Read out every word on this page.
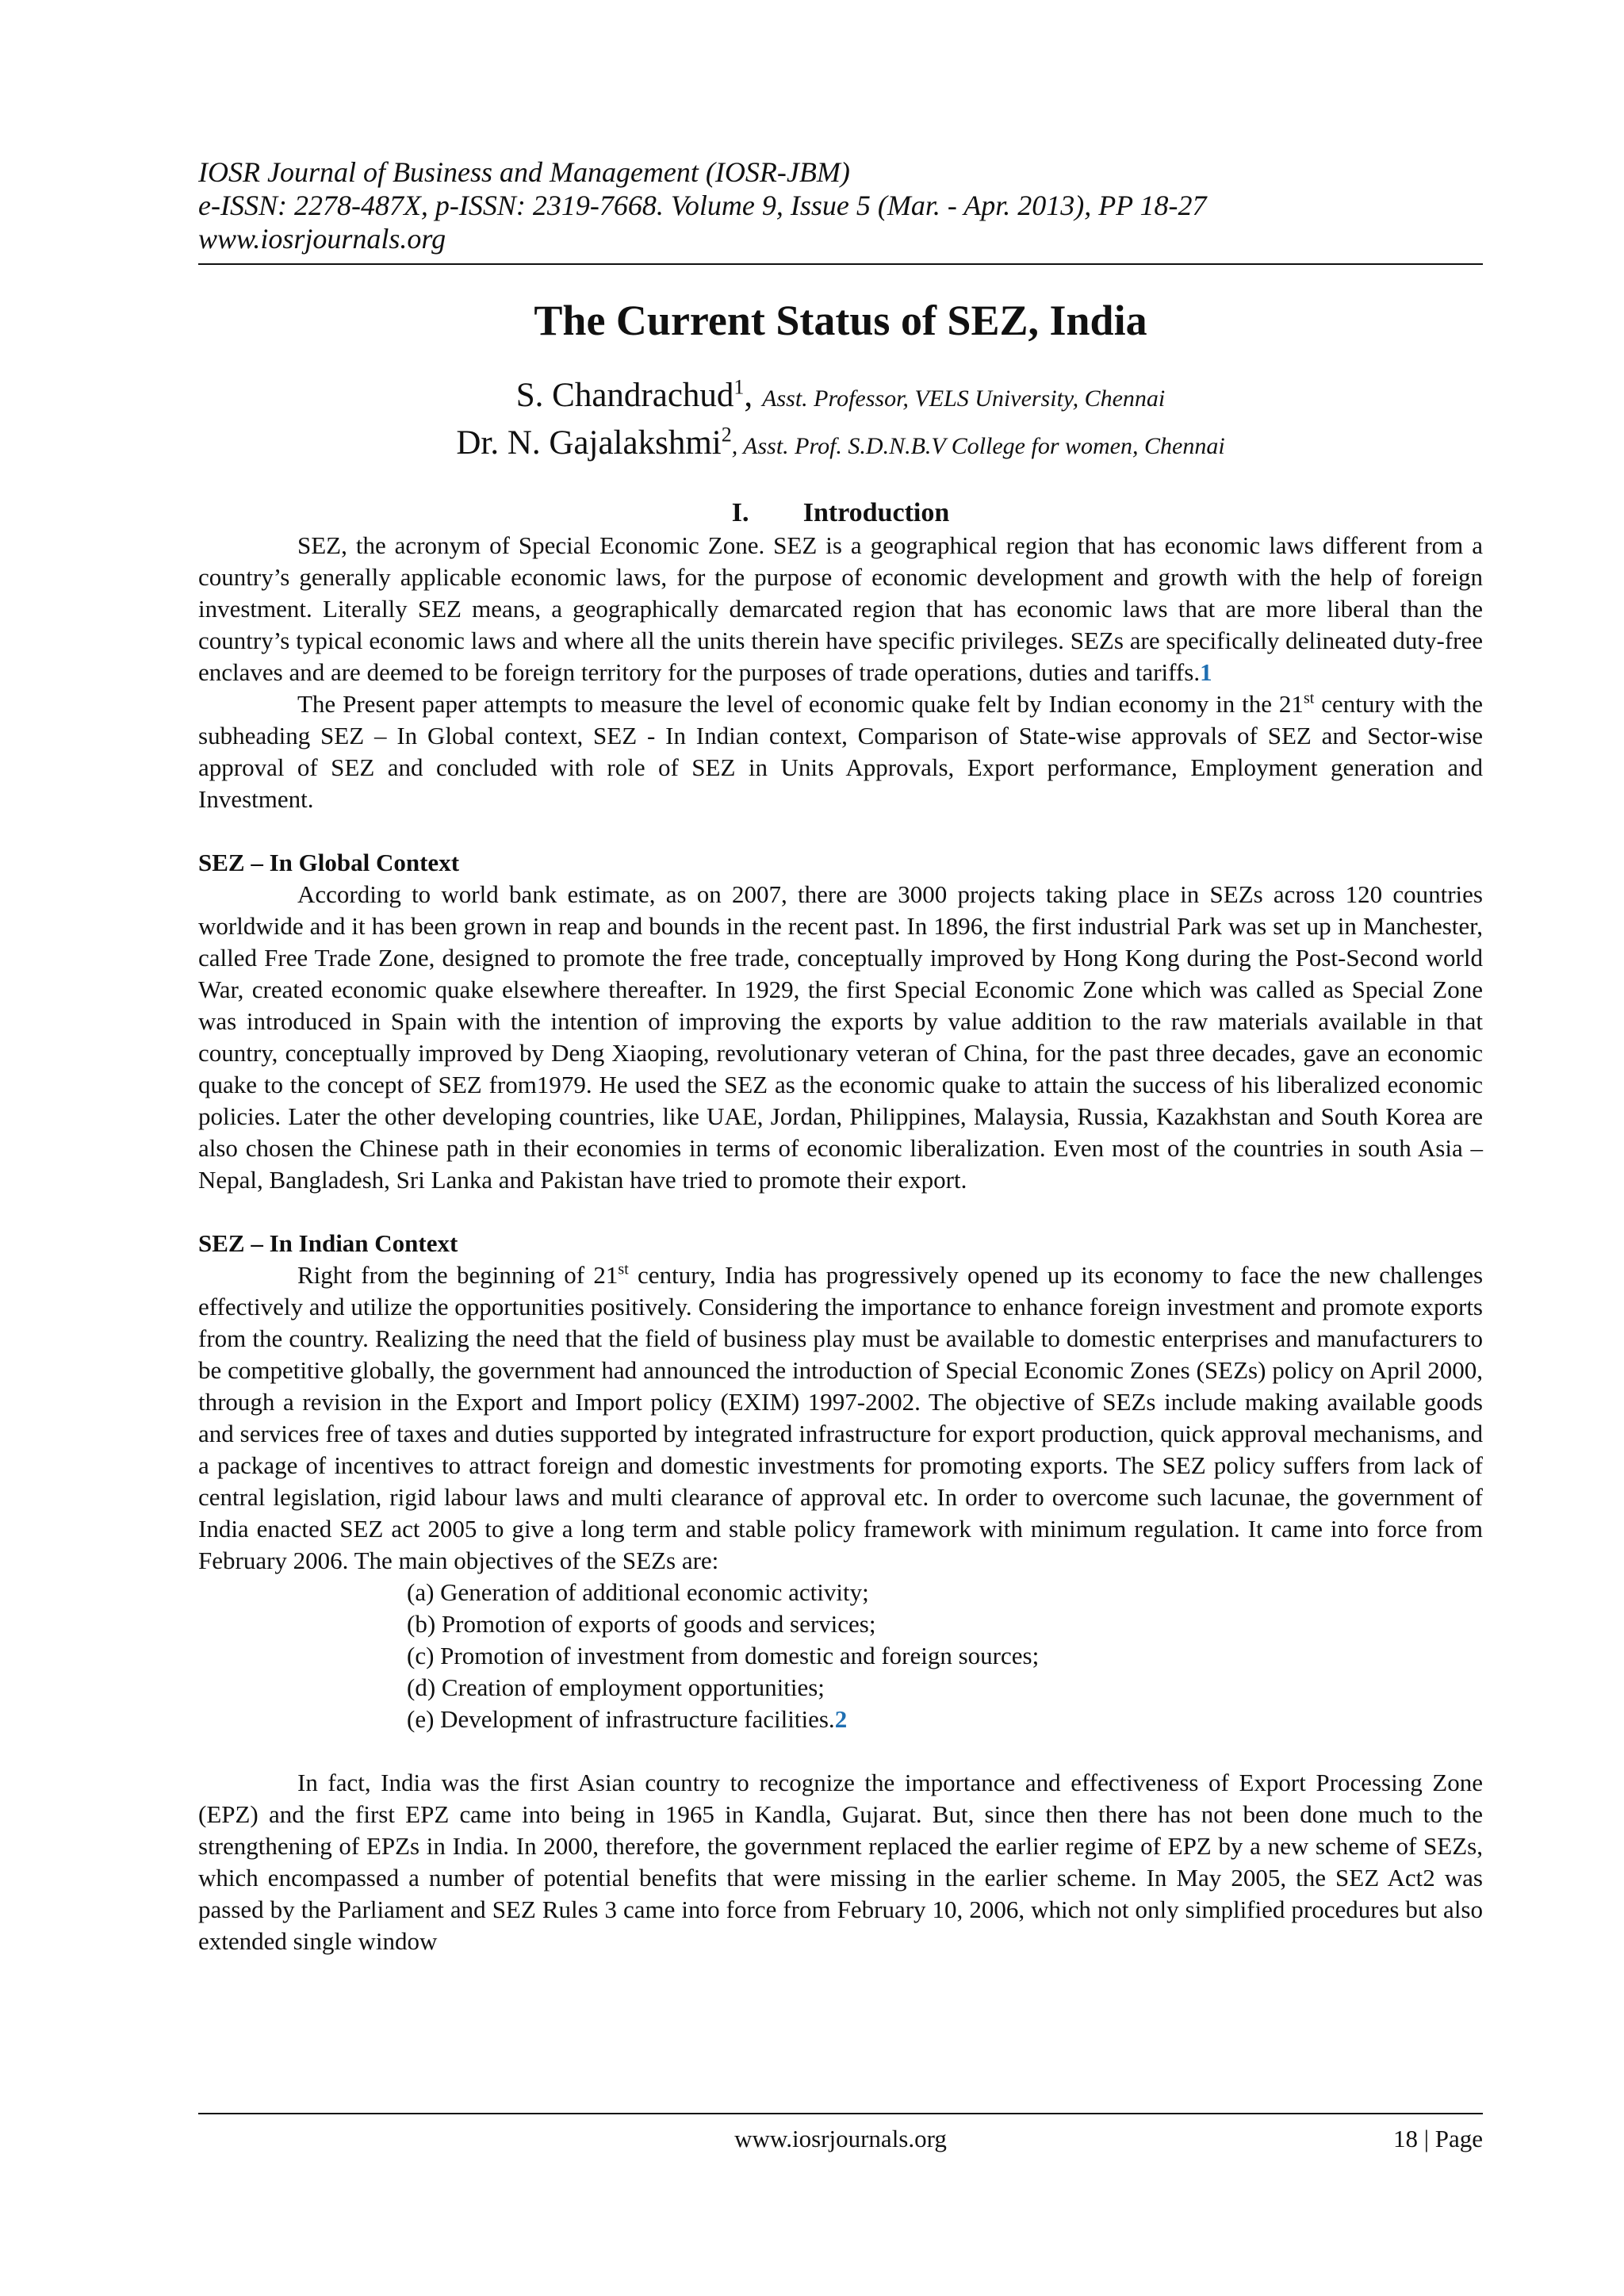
IOSR Journal of Business and Management (IOSR-JBM)
e-ISSN: 2278-487X, p-ISSN: 2319-7668. Volume 9, Issue 5 (Mar. - Apr. 2013), PP 18-27
www.iosrjournals.org
The Current Status of SEZ, India
S. Chandrachud$^1$, Asst. Professor, VELS University, Chennai
Dr. N. Gajalakshmi$^2$, Asst. Prof. S.D.N.B.V College for women, Chennai
I. Introduction

SEZ, the acronym of Special Economic Zone. SEZ is a geographical region that has economic laws different from a country’s generally applicable economic laws, for the purpose of economic development and growth with the help of foreign investment. Literally SEZ means, a geographically demarcated region that has economic laws that are more liberal than the country’s typical economic laws and where all the units therein have specific privileges. SEZs are specifically delineated duty-free enclaves and are deemed to be foreign territory for the purposes of trade operations, duties and tariffs.1

The Present paper attempts to measure the level of economic quake felt by Indian economy in the 21st century with the subheading SEZ – In Global context, SEZ - In Indian context, Comparison of State-wise approvals of SEZ and Sector-wise approval of SEZ and concluded with role of SEZ in Units Approvals, Export performance, Employment generation and Investment.

SEZ – In Global Context

According to world bank estimate, as on 2007, there are 3000 projects taking place in SEZs across 120 countries worldwide and it has been grown in reap and bounds in the recent past. In 1896, the first industrial Park was set up in Manchester, called Free Trade Zone, designed to promote the free trade, conceptually improved by Hong Kong during the Post-Second world War, created economic quake elsewhere thereafter. In 1929, the first Special Economic Zone which was called as Special Zone was introduced in Spain with the intention of improving the exports by value addition to the raw materials available in that country, conceptually improved by Deng Xiaoping, revolutionary veteran of China, for the past three decades, gave an economic quake to the concept of SEZ from1979. He used the SEZ as the economic quake to attain the success of his liberalized economic policies. Later the other developing countries, like UAE, Jordan, Philippines, Malaysia, Russia, Kazakhstan and South Korea are also chosen the Chinese path in their economies in terms of economic liberalization. Even most of the countries in south Asia – Nepal, Bangladesh, Sri Lanka and Pakistan have tried to promote their export.

SEZ – In Indian Context

Right from the beginning of 21st century, India has progressively opened up its economy to face the new challenges effectively and utilize the opportunities positively. Considering the importance to enhance foreign investment and promote exports from the country. Realizing the need that the field of business play must be available to domestic enterprises and manufacturers to be competitive globally, the government had announced the introduction of Special Economic Zones (SEZs) policy on April 2000, through a revision in the Export and Import policy (EXIM) 1997-2002. The objective of SEZs include making available goods and services free of taxes and duties supported by integrated infrastructure for export production, quick approval mechanisms, and a package of incentives to attract foreign and domestic investments for promoting exports. The SEZ policy suffers from lack of central legislation, rigid labour laws and multi clearance of approval etc. In order to overcome such lacunae, the government of India enacted SEZ act 2005 to give a long term and stable policy framework with minimum regulation. It came into force from February 2006. The main objectives of the SEZs are:

(a) Generation of additional economic activity;
(b) Promotion of exports of goods and services;
(c) Promotion of investment from domestic and foreign sources;
(d) Creation of employment opportunities;
(e) Development of infrastructure facilities.2

In fact, India was the first Asian country to recognize the importance and effectiveness of Export Processing Zone (EPZ) and the first EPZ came into being in 1965 in Kandla, Gujarat. But, since then there has not been done much to the strengthening of EPZs in India. In 2000, therefore, the government replaced the earlier regime of EPZ by a new scheme of SEZs, which encompassed a number of potential benefits that were missing in the earlier scheme. In May 2005, the SEZ Act2 was passed by the Parliament and SEZ Rules 3 came into force from February 10, 2006, which not only simplified procedures but also extended single window

www.iosrjournals.org	18 | Page
